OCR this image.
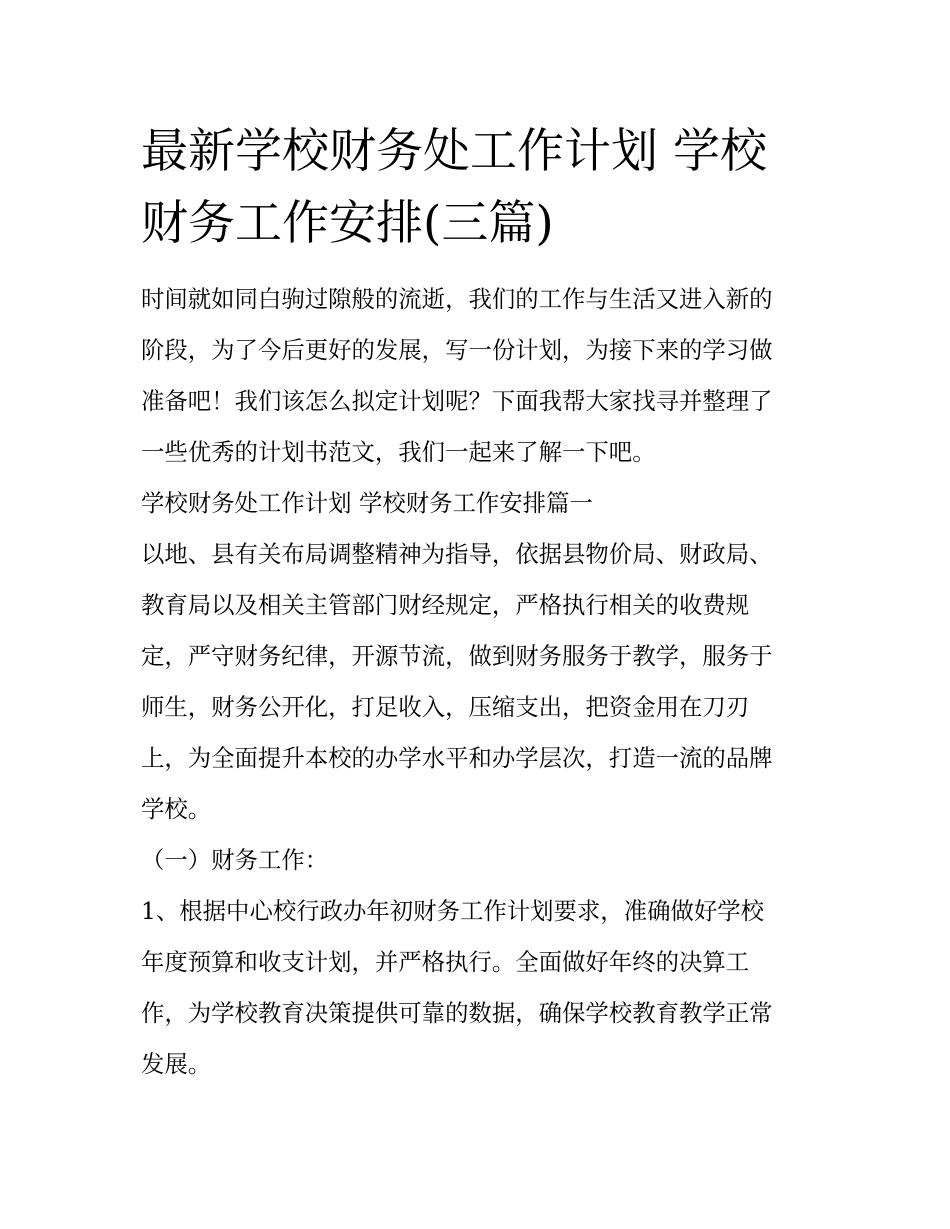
最新学校财务处工作计划 学校
财务工作安排(三篇)

时间就如同白驹过隙般的流逝，我们的工作与生活又进入新的
阶段，为了今后更好的发展，写一份计划，为接下来的学习做
准备吧！我们该怎么拟定计划呢？下面我帮大家找寻并整理了
一些优秀的计划书范文，我们一起来了解一下吧。

学校财务处工作计划 学校财务工作安排篇一

以地、县有关布局调整精神为指导，依据县物价局、财政局、
教育局以及相关主管部门财经规定，严格执行相关的收费规
定，严守财务纪律，开源节流，做到财务服务于教学，服务于
师生，财务公开化，打足收入，压缩支出，把资金用在刀刃
上，为全面提升本校的办学水平和办学层次，打造一流的品牌
学校。

（一）财务工作：

1、根据中心校行政办年初财务工作计划要求，准确做好学校
年度预算和收支计划，并严格执行。全面做好年终的决算工
作，为学校教育决策提供可靠的数据，确保学校教育教学正常
发展。
